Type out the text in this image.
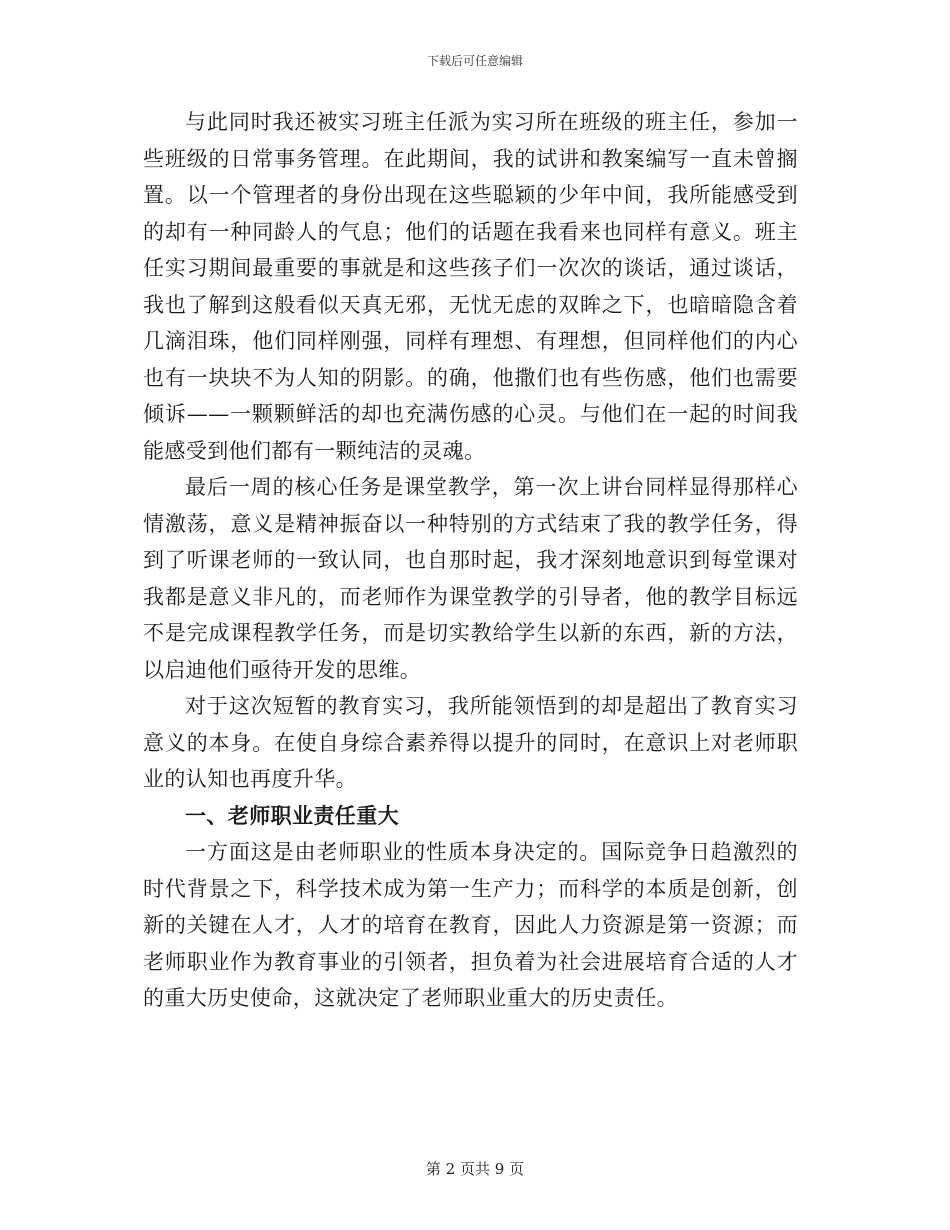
下载后可任意编辑

与此同时我还被实习班主任派为实习所在班级的班主任，参加一些班级的日常事务管理。在此期间，我的试讲和教案编写一直未曾搁置。以一个管理者的身份出现在这些聪颖的少年中间，我所能感受到的却有一种同龄人的气息；他们的话题在我看来也同样有意义。班主任实习期间最重要的事就是和这些孩子们一次次的谈话，通过谈话，我也了解到这般看似天真无邪，无忧无虑的双眸之下，也暗暗隐含着几滴泪珠，他们同样刚强，同样有理想、有理想，但同样他们的内心也有一块块不为人知的阴影。的确，他撒们也有些伤感，他们也需要倾诉——一颗颗鲜活的却也充满伤感的心灵。与他们在一起的时间我能感受到他们都有一颗纯洁的灵魂。

最后一周的核心任务是课堂教学，第一次上讲台同样显得那样心情激荡，意义是精神振奋以一种特别的方式结束了我的教学任务，得到了听课老师的一致认同，也自那时起，我才深刻地意识到每堂课对我都是意义非凡的，而老师作为课堂教学的引导者，他的教学目标远不是完成课程教学任务，而是切实教给学生以新的东西，新的方法，以启迪他们亟待开发的思维。

对于这次短暂的教育实习，我所能领悟到的却是超出了教育实习意义的本身。在使自身综合素养得以提升的同时，在意识上对老师职业的认知也再度升华。

一、老师职业责任重大

一方面这是由老师职业的性质本身决定的。国际竞争日趋激烈的时代背景之下，科学技术成为第一生产力；而科学的本质是创新，创新的关键在人才，人才的培育在教育，因此人力资源是第一资源；而老师职业作为教育事业的引领者，担负着为社会进展培育合适的人才的重大历史使命，这就决定了老师职业重大的历史责任。

第 2 页共 9 页
